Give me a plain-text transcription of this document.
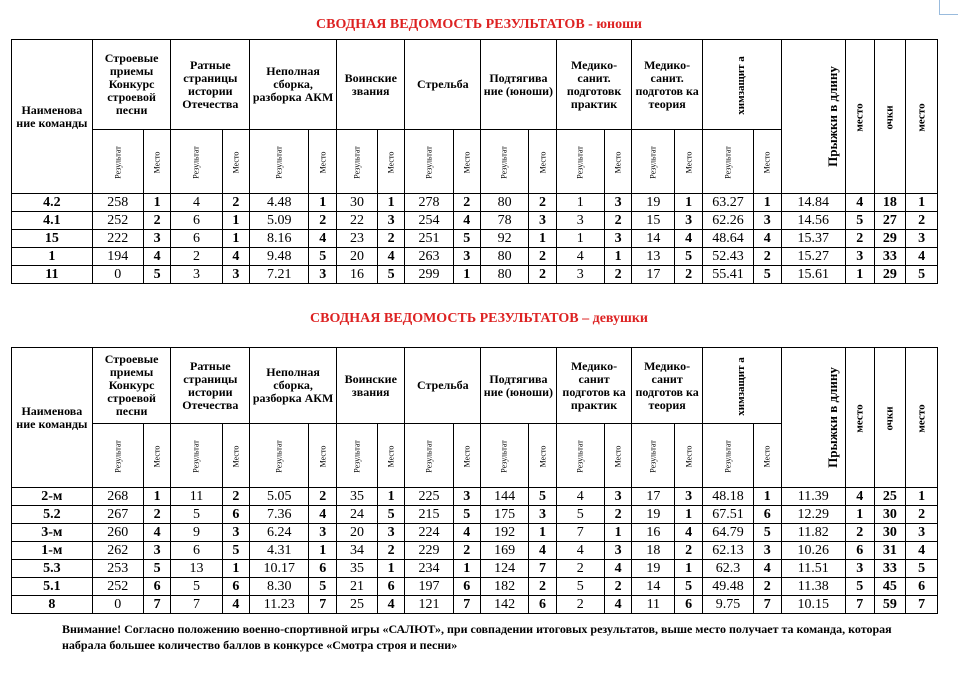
СВОДНАЯ ВЕДОМОСТЬ РЕЗУЛЬТАТОВ - юноши
Наименова ние команды	Строевые приемы Конкурс строевой песни		Ратные страницы истории Отечества		Неполная сборка, разборка АКМ		Воинские звания		Стрельба		Подтягива ние (юноши)		Медико-санит. подготовк практик		Медико-санит. подготов ка теория		химзащит а		Прыжки в длину	место	очки	место
	Результат	Место	Результат	Место	Результат	Место	Результат	Место	Результат	Место	Результат	Место	Результат	Место	Результат	Место	Результат	Место				
4.2	258	1	4	2	4.48	1	30	1	278	2	80	2	1	3	19	1	63.27	1	14.84	4	18	1
4.1	252	2	6	1	5.09	2	22	3	254	4	78	3	3	2	15	3	62.26	3	14.56	5	27	2
15	222	3	6	1	8.16	4	23	2	251	5	92	1	1	3	14	4	48.64	4	15.37	2	29	3
1	194	4	2	4	9.48	5	20	4	263	3	80	2	4	1	13	5	52.43	2	15.27	3	33	4
11	0	5	3	3	7.21	3	16	5	299	1	80	2	3	2	17	2	55.41	5	15.61	1	29	5
СВОДНАЯ ВЕДОМОСТЬ РЕЗУЛЬТАТОВ – девушки
Наименова ние команды	Строевые приемы Конкурс строевой песни		Ратные страницы истории Отечества		Неполная сборка, разборка АКМ		Воинские звания		Стрельба		Подтягива ние (юноши)		Медико-санит подготов ка практик		Медико-санит подготов ка теория		химзащит а		Прыжки в длину	место	очки	место
	Результат	Место	Результат	Место	Результат	Место	Результат	Место	Результат	Место	Результат	Место	Результат	Место	Результат	Место	Результат	Место				
2-м	268	1	11	2	5.05	2	35	1	225	3	144	5	4	3	17	3	48.18	1	11.39	4	25	1
5.2	267	2	5	6	7.36	4	24	5	215	5	175	3	5	2	19	1	67.51	6	12.29	1	30	2
3-м	260	4	9	3	6.24	3	20	3	224	4	192	1	7	1	16	4	64.79	5	11.82	2	30	3
1-м	262	3	6	5	4.31	1	34	2	229	2	169	4	4	3	18	2	62.13	3	10.26	6	31	4
5.3	253	5	13	1	10.17	6	35	1	234	1	124	7	2	4	19	1	62.3	4	11.51	3	33	5
5.1	252	6	5	6	8.30	5	21	6	197	6	182	2	5	2	14	5	49.48	2	11.38	5	45	6
8	0	7	7	4	11.23	7	25	4	121	7	142	6	2	4	11	6	9.75	7	10.15	7	59	7
Внимание! Согласно положению военно-спортивной игры «САЛЮТ», при совпадении итоговых результатов, выше место получает та команда, которая набрала большее количество баллов в конкурсе «Смотра строя и песни»
